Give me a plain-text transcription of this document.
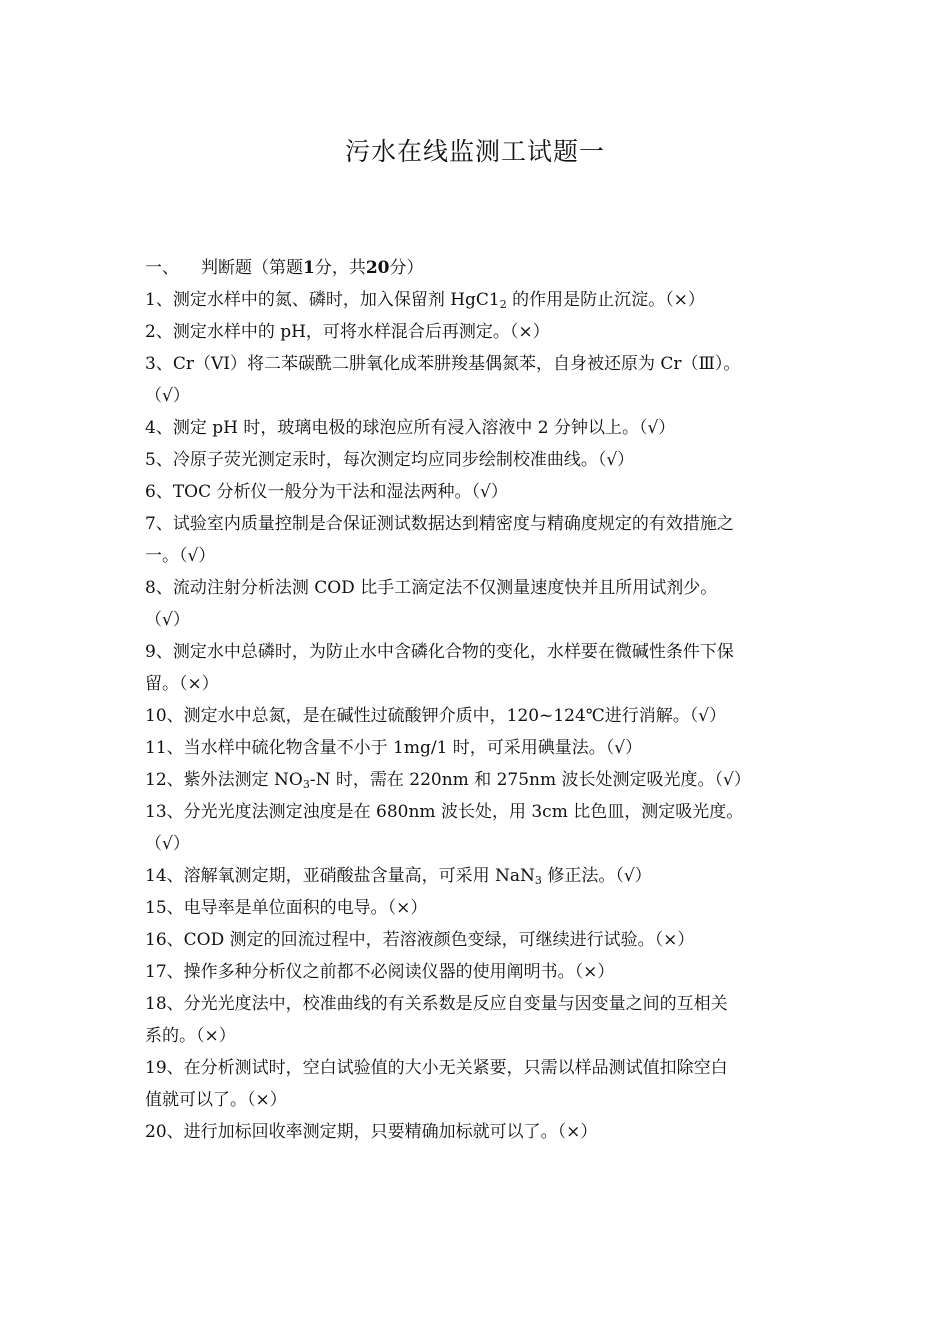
污水在线监测工试题一
一、 判断题（第题1分，共20分）
1、测定水样中的氮、磷时，加入保留剂 $HgC1_2$ 的作用是防止沉淀。（×）
2、测定水样中的 pH，可将水样混合后再测定。（×）
3、Cr（VI）将二苯碳酰二肼氧化成苯肼羧基偶氮苯，自身被还原为 Cr（Ⅲ）。
（√）
4、测定 pH 时，玻璃电极的球泡应所有浸入溶液中 2 分钟以上。（√）
5、冷原子荧光测定汞时，每次测定均应同步绘制校准曲线。（√）
6、TOC 分析仪一般分为干法和湿法两种。（√）
7、试验室内质量控制是合保证测试数据达到精密度与精确度规定的有效措施之
一。（√）
8、流动注射分析法测 COD 比手工滴定法不仅测量速度快并且所用试剂少。
（√）
9、测定水中总磷时，为防止水中含磷化合物的变化，水样要在微碱性条件下保
留。（×）
10、测定水中总氮，是在碱性过硫酸钾介质中，120~124℃进行消解。（√）
11、当水样中硫化物含量不小于 1mg/1 时，可采用碘量法。（√）
12、紫外法测定 $NO_3-N$ 时，需在 220nm 和 275nm 波长处测定吸光度。（√）
13、分光光度法测定浊度是在 680nm 波长处，用 3cm 比色皿，测定吸光度。
（√）
14、溶解氧测定期，亚硝酸盐含量高，可采用 NaN$_3$ 修正法。（√）
15、电导率是单位面积的电导。（×）
16、COD 测定的回流过程中，若溶液颜色变绿，可继续进行试验。（×）
17、操作多种分析仪之前都不必阅读仪器的使用阐明书。（×）
18、分光光度法中，校准曲线的有关系数是反应自变量与因变量之间的互相关
系的。（×）
19、在分析测试时，空白试验值的大小无关紧要，只需以样品测试值扣除空白
值就可以了。（×）
20、进行加标回收率测定期，只要精确加标就可以了。（×）
